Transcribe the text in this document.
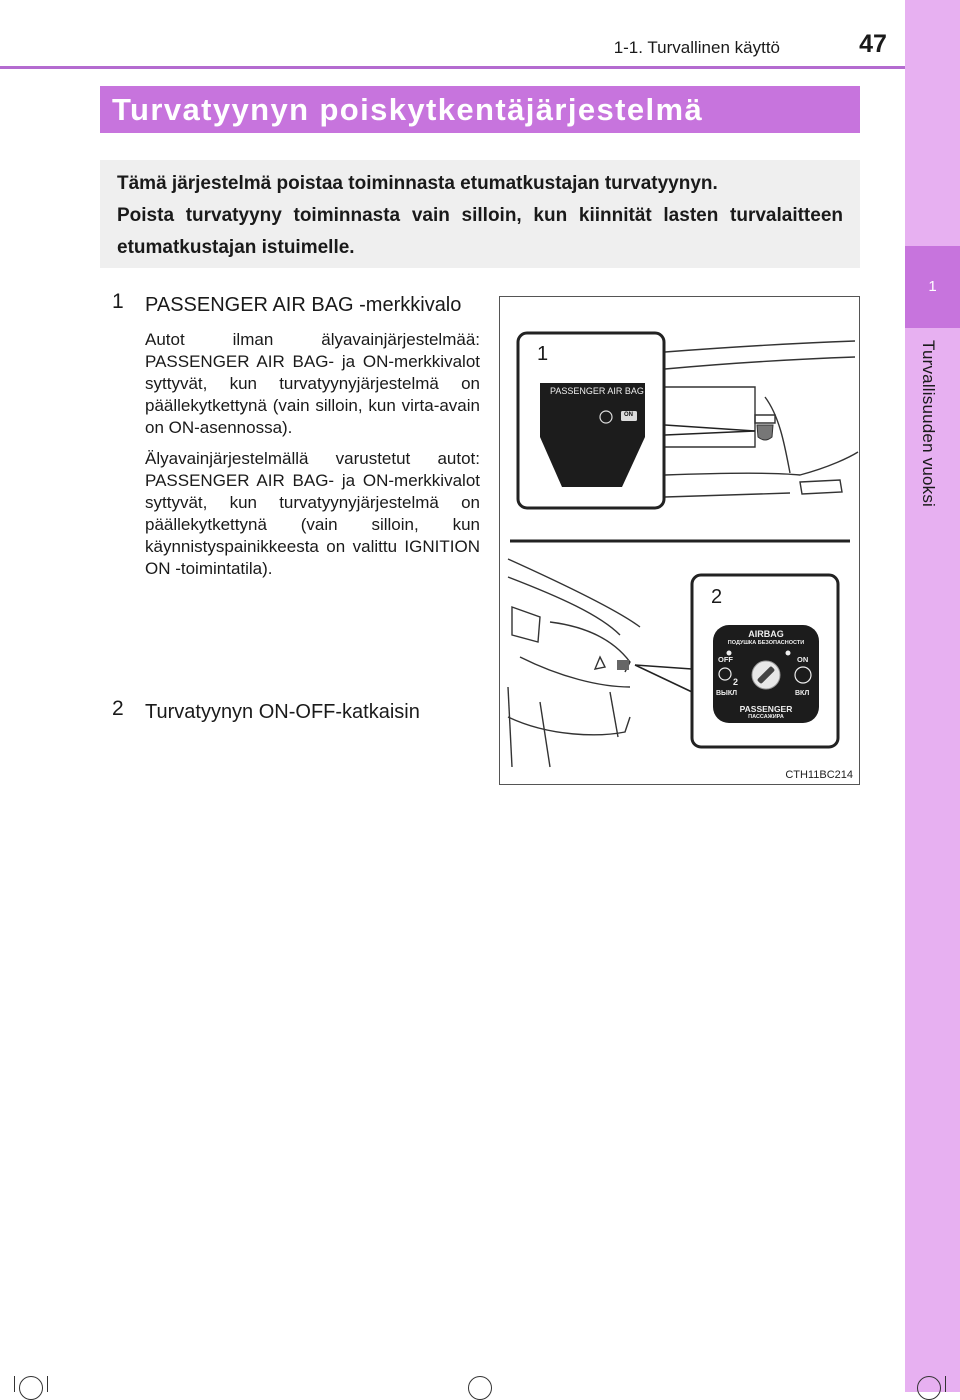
1-1. Turvallinen käyttö	47
1
Turvallisuuden vuoksi
Turvatyynyn poiskytkentäjärjestelmä

Tämä järjestelmä poistaa toiminnasta etumatkustajan turvatyynyn.

Poista turvatyyny toiminnasta vain silloin, kun kiinnität lasten turvalaitteen etumatkustajan istuimelle.

1 PASSENGER AIR BAG -merkkivalo

Autot ilman älyavainjärjestelmää: PASSENGER AIR BAG- ja ON-merkkivalot syttyvät, kun turvatyynyjärjestelmä on päällekytkettynä (vain silloin, kun virta-avain on ON-asennossa).

Älyavainjärjestelmällä varustetut autot: PASSENGER AIR BAG- ja ON-merkkivalot syttyvät, kun turvatyynyjärjestelmä on päällekytkettynä (vain silloin, kun käynnistyspainikkeesta on valittu IGNITION ON -toimintatila).

2 Turvatyynyn ON-OFF-katkaisin
1
2
PASSENGER AIR BAG
ON
AIRBAG
ПОДУШКА БЕЗОПАСНОСТИ
OFF	ON
2
ВЫКЛ	ВКЛ
PASSENGER
ПАССАЖИРА
CTH11BC214
